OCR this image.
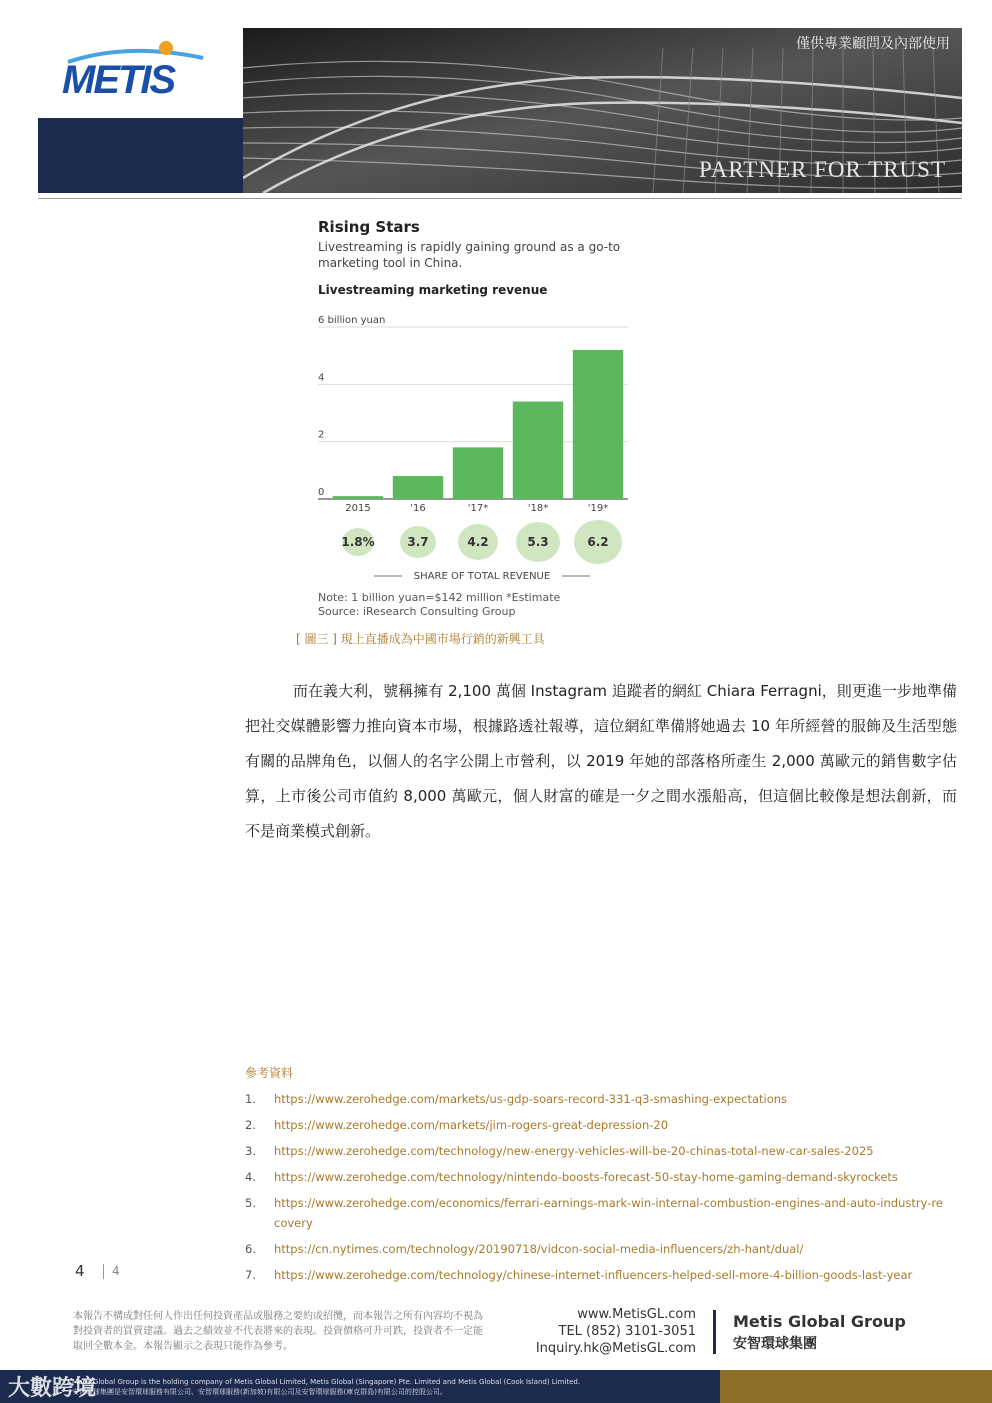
METIS
僅供專業顧問及內部使用
PARTNER FOR TRUST
Rising Stars
Livestreaming is rapidly gaining ground as a go-to marketing tool in China.
Livestreaming marketing revenue
2015	'16	'17*	'18*	'19*
0
2
4
6 billion yuan
1.8%	3.7	4.2	5.3	6.2
SHARE OF TOTAL REVENUE
Note: 1 billion yuan=$142 million *Estimate
Source: iResearch Consulting Group
[ 圖三 ] 現上直播成為中國市場行銷的新興工具
而在義大利，號稱擁有 2,100 萬個 Instagram 追蹤者的網紅 Chiara Ferragni，則更進一步地準備把社交媒體影響力推向資本市場，根據路透社報導，這位網紅準備將她過去 10 年所經營的服飾及生活型態有關的品牌角色，以個人的名字公開上市營利，以 2019 年她的部落格所產生 2,000 萬歐元的銷售數字估算，上市後公司市值約 8,000 萬歐元，個人財富的確是一夕之間水漲船高，但這個比較像是想法創新，而不是商業模式創新。
參考資料
1. https://www.zerohedge.com/markets/us-gdp-soars-record-331-q3-smashing-expectations
2. https://www.zerohedge.com/markets/jim-rogers-great-depression-20
3. https://www.zerohedge.com/technology/new-energy-vehicles-will-be-20-chinas-total-new-car-sales-2025
4. https://www.zerohedge.com/technology/nintendo-boosts-forecast-50-stay-home-gaming-demand-skyrockets
5. https://www.zerohedge.com/economics/ferrari-earnings-mark-win-internal-combustion-engines-and-auto-industry-recovery
6. https://cn.nytimes.com/technology/20190718/vidcon-social-media-influencers/zh-hant/dual/
7. https://www.zerohedge.com/technology/chinese-internet-influencers-helped-sell-more-4-billion-goods-last-year
4 4
本報告不構成對任何人作出任何投資產品或服務之要約或招攬，而本報告之所有內容均不視為對投資者的買賣建議。過去之績效並不代表將來的表現。投資價格可升可跌，投資者不一定能取回全數本金。本報告顯示之表現只能作為參考。
www.MetisGL.com
TEL (852) 3101-3051
Inquiry.hk@MetisGL.com
Metis Global Group
安智環球集團
Metis Global Group is the holding company of Metis Global Limited, Metis Global (Singapore) Pte. Limited and Metis Global (Cook Island) Limited.
安智環球集團是安智環球服務有限公司、安智環球服務(新加坡)有限公司及安智環球服務(庫克群島)有限公司的控股公司。
大數跨境
